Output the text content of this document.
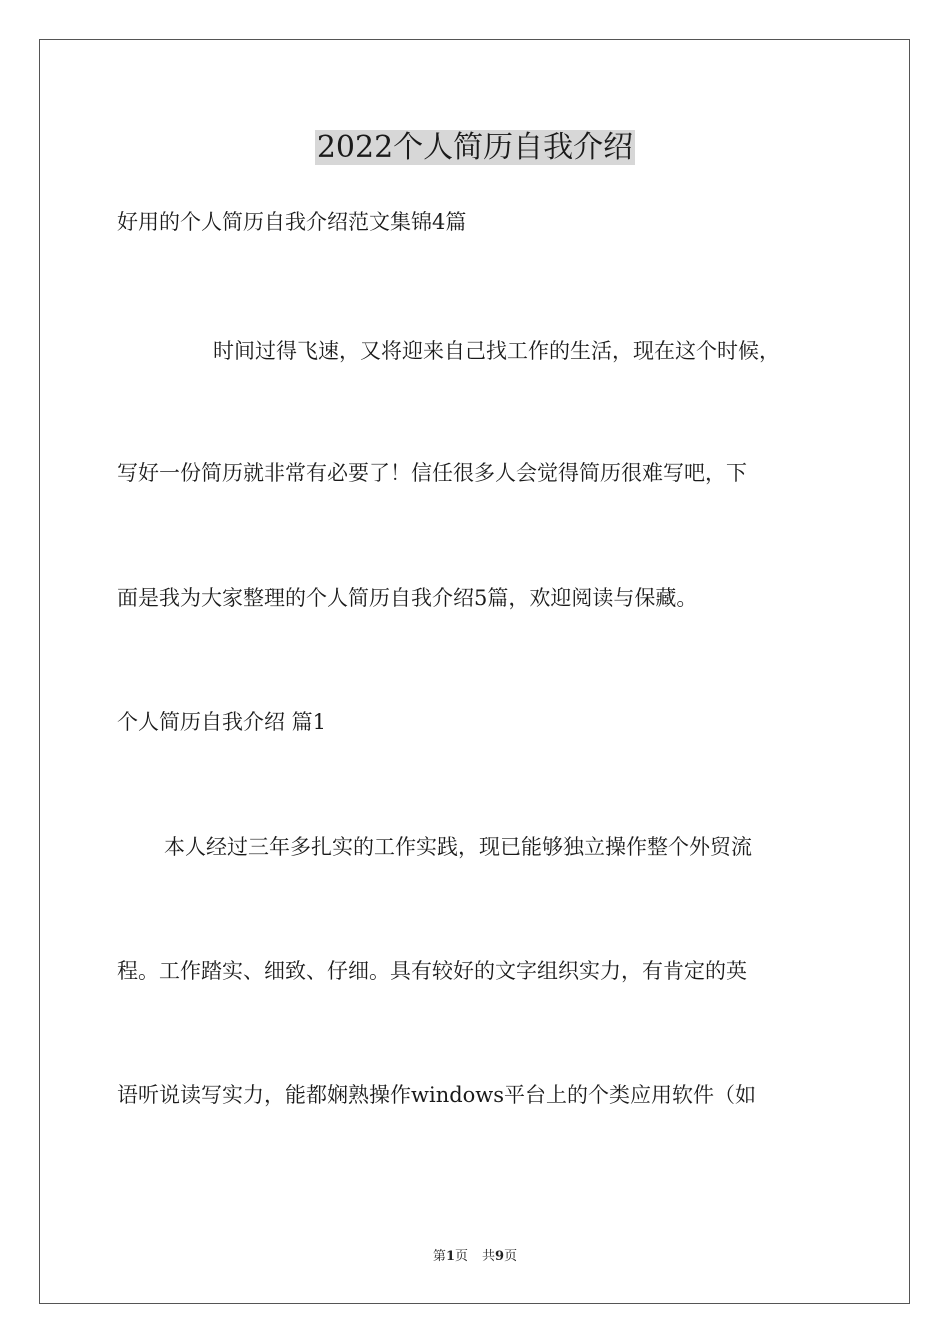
2022个人简历自我介绍
好用的个人简历自我介绍范文集锦4篇
时间过得飞速，又将迎来自己找工作的生活，现在这个时候，
写好一份简历就非常有必要了！信任很多人会觉得简历很难写吧，下
面是我为大家整理的个人简历自我介绍5篇，欢迎阅读与保藏。
个人简历自我介绍 篇1
本人经过三年多扎实的工作实践，现已能够独立操作整个外贸流
程。工作踏实、细致、仔细。具有较好的文字组织实力，有肯定的英
语听说读写实力，能都娴熟操作windows平台上的个类应用软件（如
第1页 共9页
